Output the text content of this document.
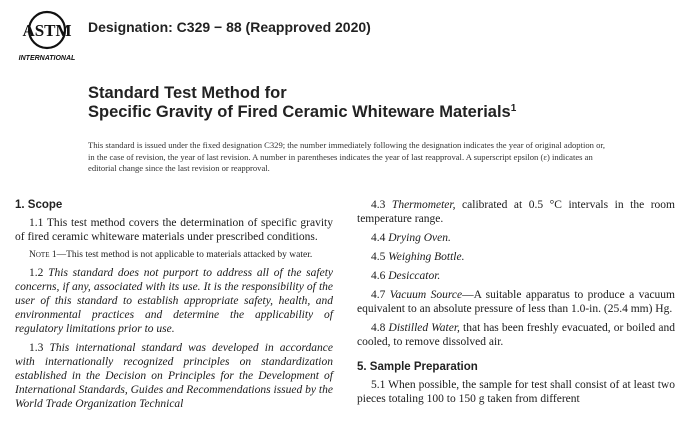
ASTM
INTERNATIONAL
Designation: C329 − 88 (Reapproved 2020)
Standard Test Method for
Specific Gravity of Fired Ceramic Whiteware Materials$^1$
This standard is issued under the fixed designation C329; the number immediately following the designation indicates the year of original adoption or, in the case of revision, the year of last revision. A number in parentheses indicates the year of last reapproval. A superscript epsilon (ε) indicates an editorial change since the last revision or reapproval.
1. Scope
1.1 This test method covers the determination of specific gravity of fired ceramic whiteware materials under prescribed conditions.
Note 1—This test method is not applicable to materials attacked by water.
1.2 This standard does not purport to address all of the safety concerns, if any, associated with its use. It is the responsibility of the user of this standard to establish appropriate safety, health, and environmental practices and determine the applicability of regulatory limitations prior to use.
1.3 This international standard was developed in accordance with internationally recognized principles on standardization established in the Decision on Principles for the Development of International Standards, Guides and Recommendations issued by the World Trade Organization Technical
4.3 Thermometer, calibrated at 0.5 °C intervals in the room temperature range.
4.4 Drying Oven.
4.5 Weighing Bottle.
4.6 Desiccator.
4.7 Vacuum Source—A suitable apparatus to produce a vacuum equivalent to an absolute pressure of less than 1.0-in. (25.4 mm) Hg.
4.8 Distilled Water, that has been freshly evacuated, or boiled and cooled, to remove dissolved air.
5. Sample Preparation
5.1 When possible, the sample for test shall consist of at least two pieces totaling 100 to 150 g taken from different
